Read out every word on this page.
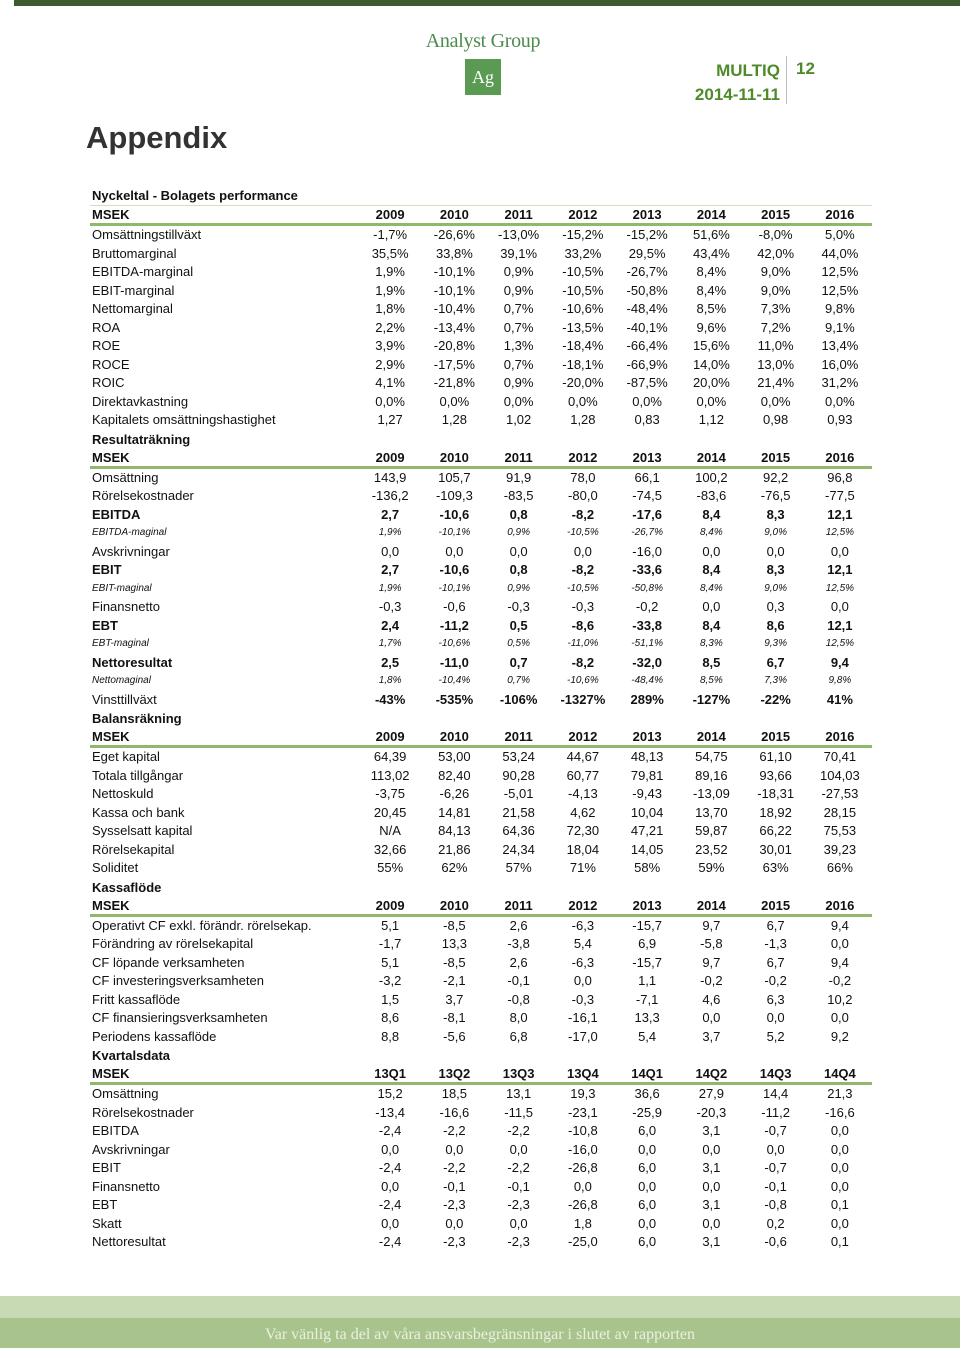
Analyst Group
Ag	MULTIQ
2014-11-11
12
Appendix
Nyckeltal - Bolagets performance
MSEK	2009	2010	2011	2012	2013	2014	2015	2016
Omsättningstillväxt	-1,7%	-26,6%	-13,0%	-15,2%	-15,2%	51,6%	-8,0%	5,0%
Bruttomarginal	35,5%	33,8%	39,1%	33,2%	29,5%	43,4%	42,0%	44,0%
EBITDA-marginal	1,9%	-10,1%	0,9%	-10,5%	-26,7%	8,4%	9,0%	12,5%
EBIT-marginal	1,9%	-10,1%	0,9%	-10,5%	-50,8%	8,4%	9,0%	12,5%
Nettomarginal	1,8%	-10,4%	0,7%	-10,6%	-48,4%	8,5%	7,3%	9,8%
ROA	2,2%	-13,4%	0,7%	-13,5%	-40,1%	9,6%	7,2%	9,1%
ROE	3,9%	-20,8%	1,3%	-18,4%	-66,4%	15,6%	11,0%	13,4%
ROCE	2,9%	-17,5%	0,7%	-18,1%	-66,9%	14,0%	13,0%	16,0%
ROIC	4,1%	-21,8%	0,9%	-20,0%	-87,5%	20,0%	21,4%	31,2%
Direktavkastning	0,0%	0,0%	0,0%	0,0%	0,0%	0,0%	0,0%	0,0%
Kapitalets omsättningshastighet	1,27	1,28	1,02	1,28	0,83	1,12	0,98	0,93
Resultaträkning
MSEK	2009	2010	2011	2012	2013	2014	2015	2016
Omsättning	143,9	105,7	91,9	78,0	66,1	100,2	92,2	96,8
Rörelsekostnader	-136,2	-109,3	-83,5	-80,0	-74,5	-83,6	-76,5	-77,5
EBITDA	2,7	-10,6	0,8	-8,2	-17,6	8,4	8,3	12,1
EBITDA-maginal	1,9%	-10,1%	0,9%	-10,5%	-26,7%	8,4%	9,0%	12,5%
Avskrivningar	0,0	0,0	0,0	0,0	-16,0	0,0	0,0	0,0
EBIT	2,7	-10,6	0,8	-8,2	-33,6	8,4	8,3	12,1
EBIT-maginal	1,9%	-10,1%	0,9%	-10,5%	-50,8%	8,4%	9,0%	12,5%
Finansnetto	-0,3	-0,6	-0,3	-0,3	-0,2	0,0	0,3	0,0
EBT	2,4	-11,2	0,5	-8,6	-33,8	8,4	8,6	12,1
EBT-maginal	1,7%	-10,6%	0,5%	-11,0%	-51,1%	8,3%	9,3%	12,5%
Nettoresultat	2,5	-11,0	0,7	-8,2	-32,0	8,5	6,7	9,4
Nettomaginal	1,8%	-10,4%	0,7%	-10,6%	-48,4%	8,5%	7,3%	9,8%
Vinsttillväxt	-43%	-535%	-106%	-1327%	289%	-127%	-22%	41%
Balansräkning
MSEK	2009	2010	2011	2012	2013	2014	2015	2016
Eget kapital	64,39	53,00	53,24	44,67	48,13	54,75	61,10	70,41
Totala tillgångar	113,02	82,40	90,28	60,77	79,81	89,16	93,66	104,03
Nettoskuld	-3,75	-6,26	-5,01	-4,13	-9,43	-13,09	-18,31	-27,53
Kassa och bank	20,45	14,81	21,58	4,62	10,04	13,70	18,92	28,15
Sysselsatt kapital	N/A	84,13	64,36	72,30	47,21	59,87	66,22	75,53
Rörelsekapital	32,66	21,86	24,34	18,04	14,05	23,52	30,01	39,23
Soliditet	55%	62%	57%	71%	58%	59%	63%	66%
Kassaflöde
MSEK	2009	2010	2011	2012	2013	2014	2015	2016
Operativt CF exkl. förändr. rörelsekap.	5,1	-8,5	2,6	-6,3	-15,7	9,7	6,7	9,4
Förändring av rörelsekapital	-1,7	13,3	-3,8	5,4	6,9	-5,8	-1,3	0,0
CF löpande verksamheten	5,1	-8,5	2,6	-6,3	-15,7	9,7	6,7	9,4
CF investeringsverksamheten	-3,2	-2,1	-0,1	0,0	1,1	-0,2	-0,2	-0,2
Fritt kassaflöde	1,5	3,7	-0,8	-0,3	-7,1	4,6	6,3	10,2
CF finansieringsverksamheten	8,6	-8,1	8,0	-16,1	13,3	0,0	0,0	0,0
Periodens kassaflöde	8,8	-5,6	6,8	-17,0	5,4	3,7	5,2	9,2
Kvartalsdata
MSEK	13Q1	13Q2	13Q3	13Q4	14Q1	14Q2	14Q3	14Q4
Omsättning	15,2	18,5	13,1	19,3	36,6	27,9	14,4	21,3
Rörelsekostnader	-13,4	-16,6	-11,5	-23,1	-25,9	-20,3	-11,2	-16,6
EBITDA	-2,4	-2,2	-2,2	-10,8	6,0	3,1	-0,7	0,0
Avskrivningar	0,0	0,0	0,0	-16,0	0,0	0,0	0,0	0,0
EBIT	-2,4	-2,2	-2,2	-26,8	6,0	3,1	-0,7	0,0
Finansnetto	0,0	-0,1	-0,1	0,0	0,0	0,0	-0,1	0,0
EBT	-2,4	-2,3	-2,3	-26,8	6,0	3,1	-0,8	0,1
Skatt	0,0	0,0	0,0	1,8	0,0	0,0	0,2	0,0
Nettoresultat	-2,4	-2,3	-2,3	-25,0	6,0	3,1	-0,6	0,1
Var vänlig ta del av våra ansvarsbegränsningar i slutet av rapporten
